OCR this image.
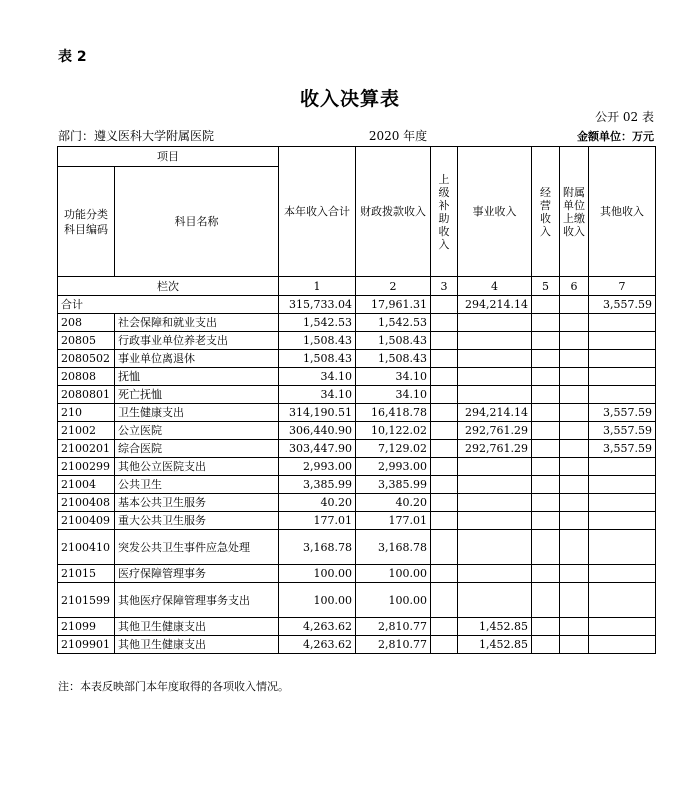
表 2
收入决算表
公开 02 表
部门：遵义医科大学附属医院	2020 年度	金额单位：万元
项目		本年收入合计	财政拨款收入	上级补助收入	事业收入	经营收入	附属单位上缴收入	其他收入
功能分类科目编码	科目名称							
栏次		1	2	3	4	5	6	7
合计		315,733.04	17,961.31		294,214.14			3,557.59
208	社会保障和就业支出	1,542.53	1,542.53					
20805	行政事业单位养老支出	1,508.43	1,508.43					
2080502	事业单位离退休	1,508.43	1,508.43					
20808	抚恤	34.10	34.10					
2080801	死亡抚恤	34.10	34.10					
210	卫生健康支出	314,190.51	16,418.78		294,214.14			3,557.59
21002	公立医院	306,440.90	10,122.02		292,761.29			3,557.59
2100201	综合医院	303,447.90	7,129.02		292,761.29			3,557.59
2100299	其他公立医院支出	2,993.00	2,993.00					
21004	公共卫生	3,385.99	3,385.99					
2100408	基本公共卫生服务	40.20	40.20					
2100409	重大公共卫生服务	177.01	177.01					
2100410	突发公共卫生事件应急处理	3,168.78	3,168.78					
21015	医疗保障管理事务	100.00	100.00					
2101599	其他医疗保障管理事务支出	100.00	100.00					
21099	其他卫生健康支出	4,263.62	2,810.77		1,452.85			
2109901	其他卫生健康支出	4,263.62	2,810.77		1,452.85			
注：本表反映部门本年度取得的各项收入情况。
